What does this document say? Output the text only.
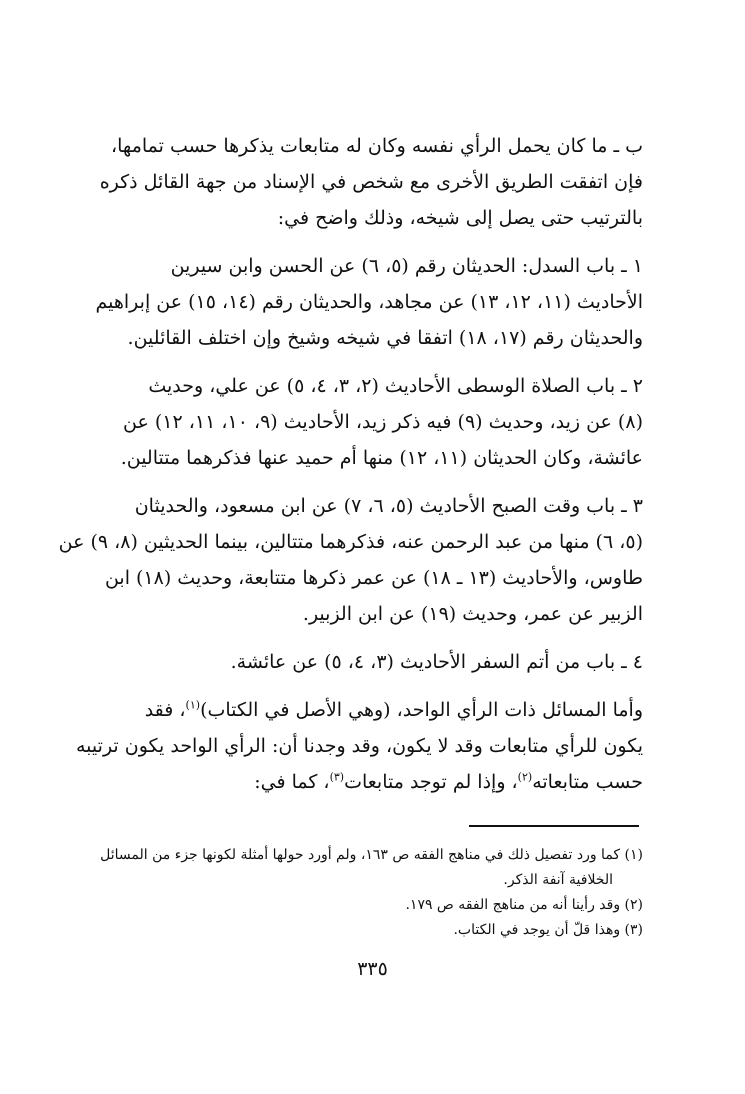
ب ـ ما كان يحمل الرأي نفسه وكان له متابعات يذكرها حسب تمامها،
فإن اتفقت الطريق الأخرى مع شخص في الإسناد من جهة القائل ذكره
بالترتيب حتى يصل إلى شيخه، وذلك واضح في:

١ ـ باب السدل: الحديثان رقم (٥، ٦) عن الحسن وابن سيرين
الأحاديث (١١، ١٢، ١٣) عن مجاهد، والحديثان رقم (١٤، ١٥) عن إبراهيم
والحديثان رقم (١٧، ١٨) اتفقا في شيخه وشيخ وإن اختلف القائلين.

٢ ـ باب الصلاة الوسطى الأحاديث (٢، ٣، ٤، ٥) عن علي، وحديث
(٨) عن زيد، وحديث (٩) فيه ذكر زيد، الأحاديث (٩، ١٠، ١١، ١٢) عن
عائشة، وكان الحديثان (١١، ١٢) منها أم حميد عنها فذكرهما متتالين.

٣ ـ باب وقت الصبح الأحاديث (٥، ٦، ٧) عن ابن مسعود، والحديثان
(٥، ٦) منها من عبد الرحمن عنه، فذكرهما متتالين، بينما الحديثين (٨، ٩) عن
طاوس، والأحاديث (١٣ ـ ١٨) عن عمر ذكرها متتابعة، وحديث (١٨) ابن
الزبير عن عمر، وحديث (١٩) عن ابن الزبير.

٤ ـ باب من أتم السفر الأحاديث (٣، ٤، ٥) عن عائشة.

وأما المسائل ذات الرأي الواحد، (وهي الأصل في الكتاب)$^{(١)}$، فقد
يكون للرأي متابعات وقد لا يكون، وقد وجدنا أن: الرأي الواحد يكون ترتيبه
حسب متابعاته$^{(٢)}$، وإذا لم توجد متابعات$^{(٣)}$، كما في:

(١) كما ورد تفصيل ذلك في مناهج الفقه ص ١٦٣، ولم أورد حولها أمثلة لكونها جزء من المسائل
الخلافية آنفة الذكر.
(٢) وقد رأينا أنه من مناهج الفقه ص ١٧٩.
(٣) وهذا قلّ أن يوجد في الكتاب.
٣٣٥
